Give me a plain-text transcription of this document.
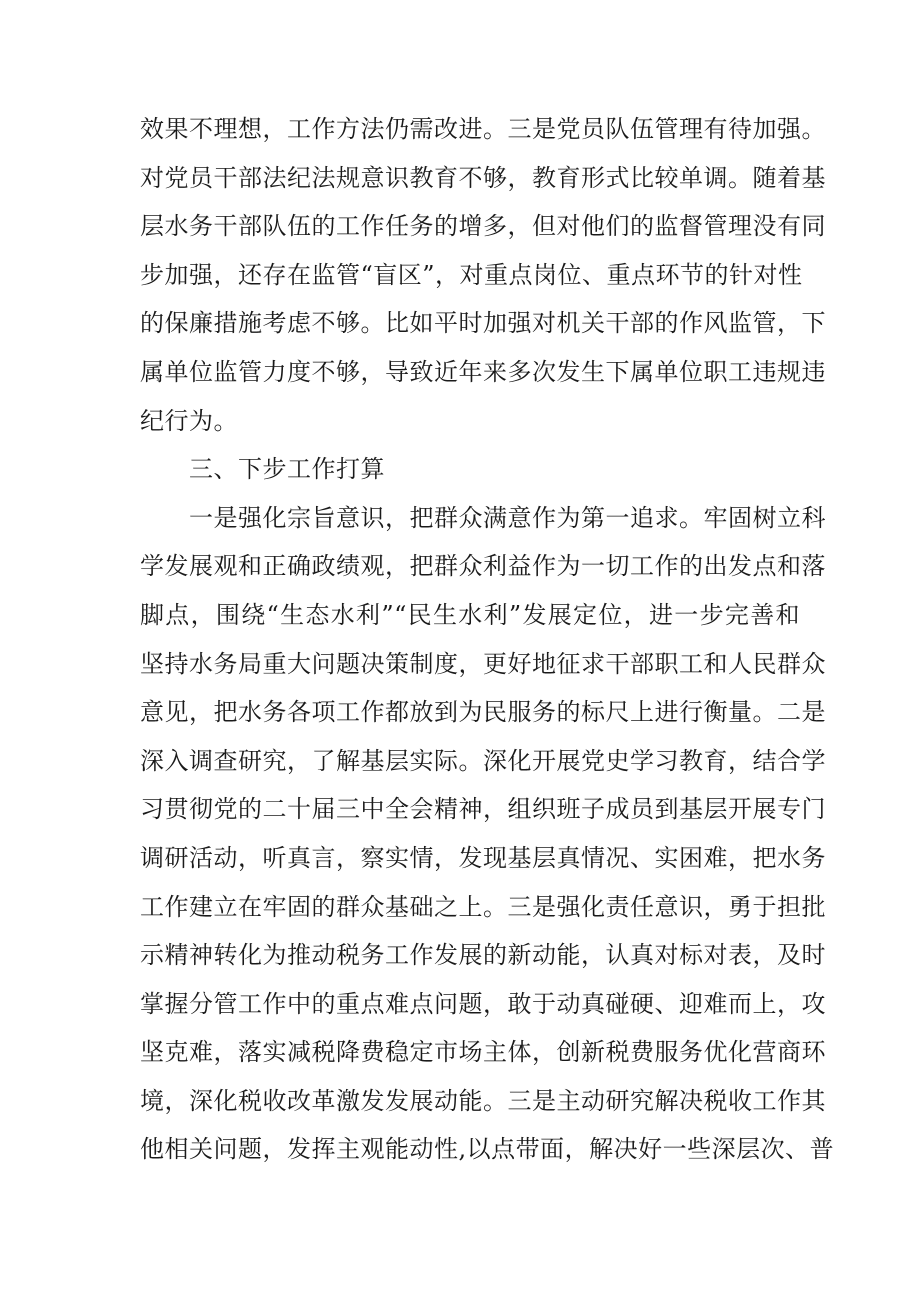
效果不理想，工作方法仍需改进。三是党员队伍管理有待加强。
对党员干部法纪法规意识教育不够，教育形式比较单调。随着基
层水务干部队伍的工作任务的增多，但对他们的监督管理没有同
步加强，还存在监管“盲区”，对重点岗位、重点环节的针对性
的保廉措施考虑不够。比如平时加强对机关干部的作风监管，下
属单位监管力度不够，导致近年来多次发生下属单位职工违规违
纪行为。
三、下步工作打算
一是强化宗旨意识，把群众满意作为第一追求。牢固树立科
学发展观和正确政绩观，把群众利益作为一切工作的出发点和落
脚点，围绕“生态水利”“民生水利”发展定位，进一步完善和
坚持水务局重大问题决策制度，更好地征求干部职工和人民群众
意见，把水务各项工作都放到为民服务的标尺上进行衡量。二是
深入调查研究，了解基层实际。深化开展党史学习教育，结合学
习贯彻党的二十届三中全会精神，组织班子成员到基层开展专门
调研活动，听真言，察实情，发现基层真情况、实困难，把水务
工作建立在牢固的群众基础之上。三是强化责任意识，勇于担批
示精神转化为推动税务工作发展的新动能，认真对标对表，及时
掌握分管工作中的重点难点问题，敢于动真碰硬、迎难而上，攻
坚克难，落实减税降费稳定市场主体，创新税费服务优化营商环
境，深化税收改革激发发展动能。三是主动研究解决税收工作其
他相关问题，发挥主观能动性,以点带面，解决好一些深层次、普
